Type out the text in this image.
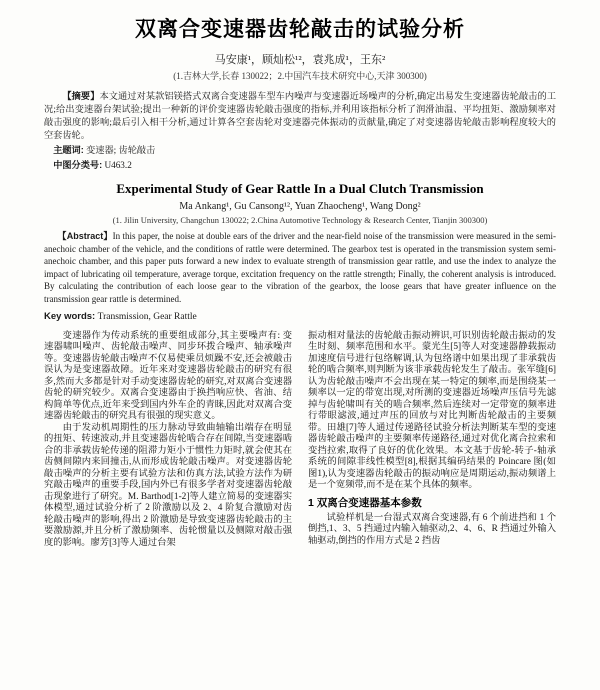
双离合变速器齿轮敲击的试验分析
马安康¹，顾灿松¹²，袁兆成¹，王东²
(1.吉林大学,长春 130022；2.中国汽车技术研究中心,天津 300300)

【摘要】本文通过对某款铝镁搭式双离合变速器车型车内噪声与变速器近场噪声的分析,确定出易发生变速器齿轮敲击的工况;给出变速器台架试验;提出一种新的评价变速器齿轮敲击强度的指标,并利用该指标分析了润滑油温、平均扭矩、激励频率对敲击强度的影响;最后引入相干分析,通过计算各空套齿轮对变速器壳体振动的贡献量,确定了对变速器齿轮敲击影响程度较大的空套齿轮。

主题词: 变速器; 齿轮敲击

中图分类号: U463.2

Experimental Study of Gear Rattle In a Dual Clutch Transmission
Ma Ankang¹, Gu Cansong¹², Yuan Zhaocheng¹, Wang Dong²
(1. Jilin University, Changchun 130022; 2.China Automotive Technology & Research Center, Tianjin 300300)

【Abstract】In this paper, the noise at double ears of the driver and the near-field noise of the transmission were measured in the semi-anechoic chamber of the vehicle, and the conditions of rattle were determined. The gearbox test is operated in the transmission system semi-anechoic chamber, and this paper puts forward a new index to evaluate strength of transmission gear rattle, and use the index to analyze the impact of lubricating oil temperature, average torque, excitation frequency on the rattle strength; Finally, the coherent analysis is introduced. By calculating the contribution of each loose gear to the vibration of the gearbox, the loose gears that have greater influence on the transmission gear rattle is determined.

Key words: Transmission, Gear Rattle

变速器作为传动系统的重要组成部分,其主要噪声有: 变速器啸叫噪声、齿轮敲击噪声、同步环拨合噪声、轴承噪声等。变速器齿轮敲击噪声不仅易使乘员烦躁不安,还会被敲击误认为是变速器故障。近年来对变速器齿轮敲击的研究有很多,然而大多都是针对手动变速器齿轮的研究,对双离合变速器齿轮的研究较少。双离合变速器由于换挡响应快、省油、结构简单等优点,近年来受到国内外车企的青睐,因此对双离合变速器齿轮敲击的研究具有很强的现实意义。

由于发动机周期性的压力脉动导致曲轴输出端存在明显的扭矩、转速波动,并且变速器齿轮啮合存在间隙,当变速器啮合的非承载齿轮传递的阻滞力矩小于惯性力矩时,就会使其在齿侧间隙内来回撞击,从而形成齿轮敲击噪声。对变速器齿轮敲击噪声的分析主要有试验方法和仿真方法,试验方法作为研究敲击噪声的重要手段,国内外已有很多学者对变速器齿轮敲击现象进行了研究。M. Barthod[1-2]等人建立简易的变速器实体模型,通过试验分析了 2 阶激励以及 2、4 阶复合激励对齿轮敲击噪声的影响,得出 2 阶激励是导致变速器齿轮敲击的主要激励源,并且分析了激励频率、齿轮惯量以及侧隙对敲击强度的影响。廖芳[3]等人通过台架

振动相对量法的齿轮敲击振动辨识,可识别齿轮敲击振动的发生时刻、频率范围和水平。蒙光生[5]等人对变速器静载振动加速度信号进行包络解调,认为包络谱中如果出现了非承载齿轮的啮合频率,则判断为该非承载齿轮发生了敲击。张军缝[6]认为齿轮敲击噪声不会出现在某一特定的频率,而是围绕某一频率以一定的带宽出现,对所测的变速器近场噪声压信号先滤掉与齿轮啸叫有关的啮合频率,然后连续对一定带宽的频率进行带眼滤波,通过声压的回放与对比判断齿轮敲击的主要频带。田雄[7]等人通过传递路径试验分析法判断某车型的变速器齿轮敲击噪声的主要频率传递路径,通过对优化离合拉索和变挡拉索,取得了良好的优化效果。本文基于齿轮-转子-轴承系统的间隙非线性模型[8],根据其编码结果的 Poincare 图(如图1),认为变速器齿轮敲击的振动响应是周期运动,振动频谱上是一个宽频带,而不是在某个具体的频率。

1 双离合变速器基本参数

试验样机是一台湿式双离合变速器,有 6 个前进挡和 1 个倒挡,1、3、5 挡通过内输入轴驱动,2、4、6、R 挡通过外输入轴驱动,倒挡的作用方式是 2 挡齿
